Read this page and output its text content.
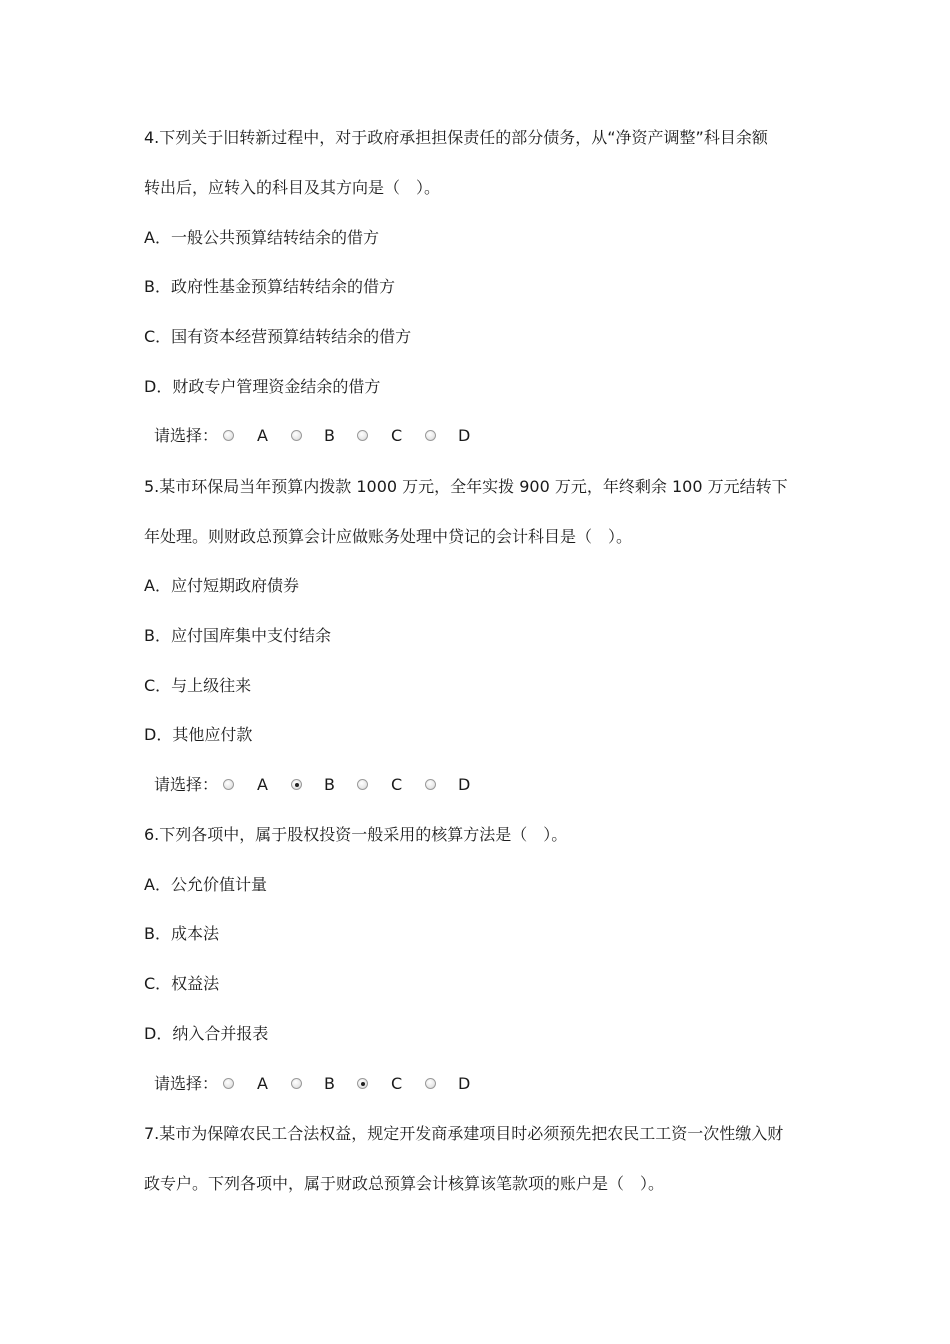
4.下列关于旧转新过程中，对于政府承担担保责任的部分债务，从“净资产调整”科目余额
转出后，应转入的科目及其方向是（　）。
A．一般公共预算结转结余的借方
B．政府性基金预算结转结余的借方
C．国有资本经营预算结转结余的借方
D．财政专户管理资金结余的借方
请选择： A	B	C	D
5.某市环保局当年预算内拨款 1000 万元，全年实拨 900 万元，年终剩余 100 万元结转下
年处理。则财政总预算会计应做账务处理中贷记的会计科目是（　）。
A．应付短期政府债券
B．应付国库集中支付结余
C．与上级往来
D．其他应付款
请选择： A	B	C	D
6.下列各项中，属于股权投资一般采用的核算方法是（　）。
A．公允价值计量
B．成本法
C．权益法
D．纳入合并报表
请选择： A	B	C	D
7.某市为保障农民工合法权益，规定开发商承建项目时必须预先把农民工工资一次性缴入财
政专户。下列各项中，属于财政总预算会计核算该笔款项的账户是（　）。
